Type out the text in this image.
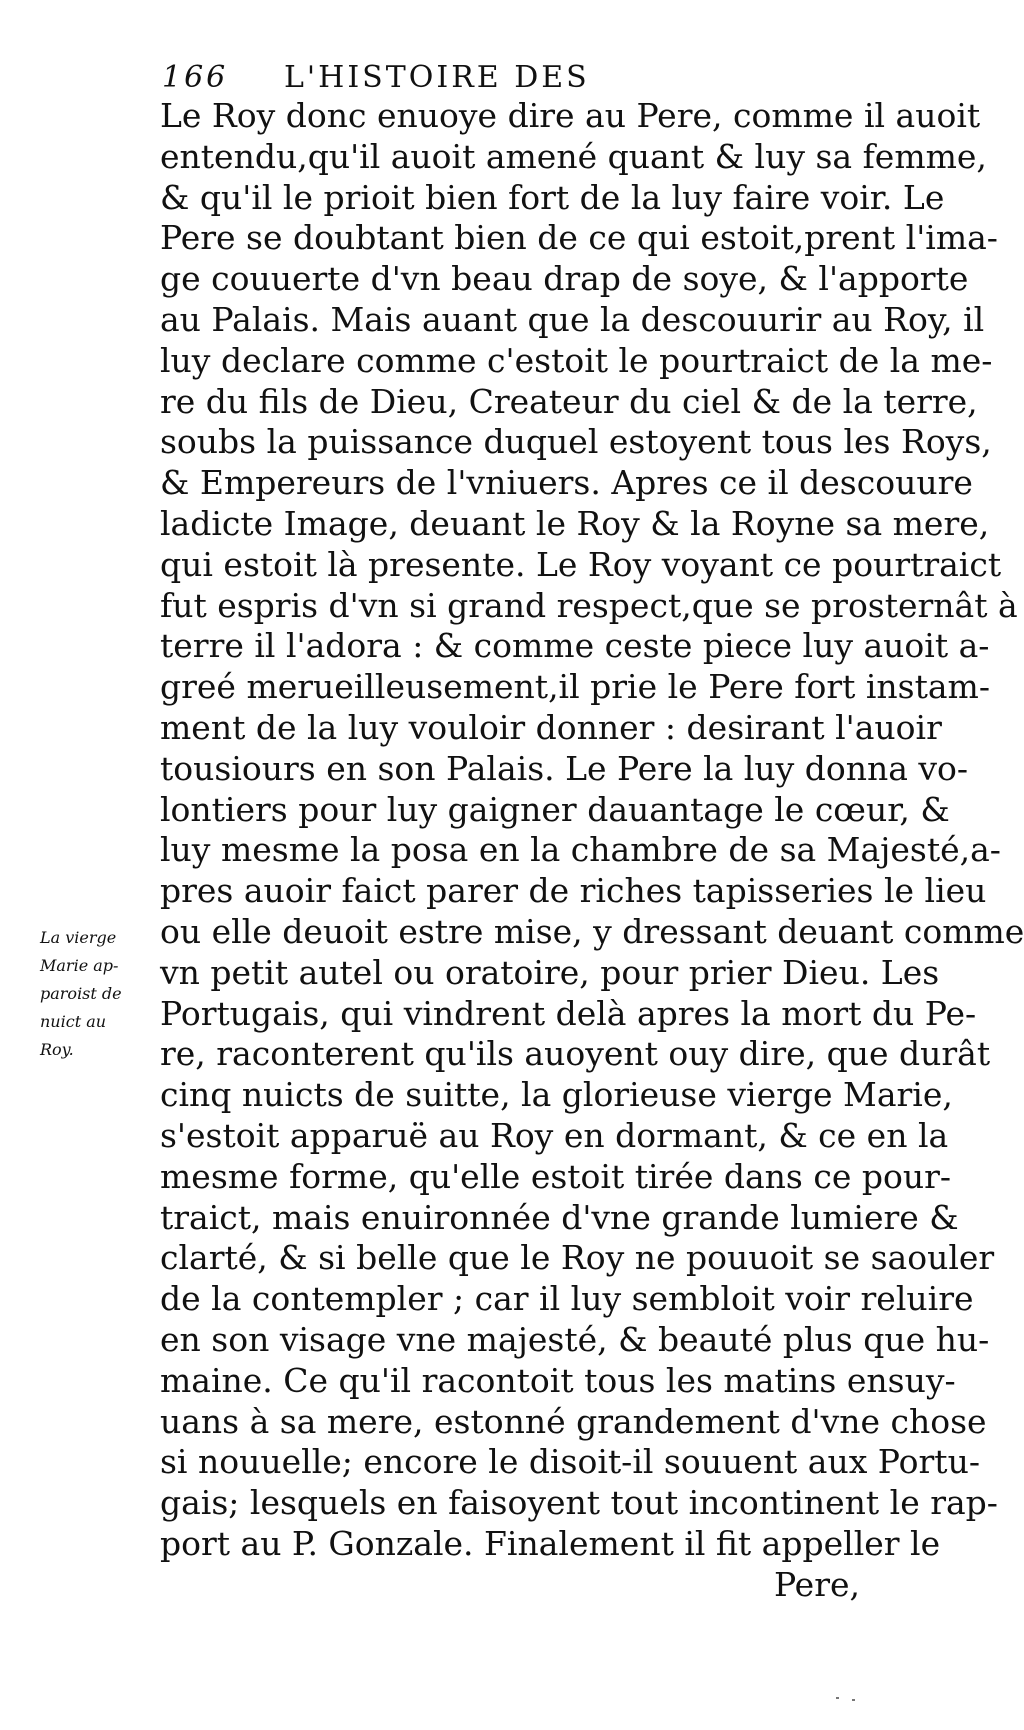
166 L'HISTOIRE DES
Le Roy donc enuoye dire au Pere, comme il auoit
entendu,qu'il auoit amené quant & luy sa femme,
& qu'il le prioit bien fort de la luy faire voir. Le
Pere se doubtant bien de ce qui estoit,prent l'ima-
ge couuerte d'vn beau drap de soye, & l'apporte
au Palais. Mais auant que la descouurir au Roy, il
luy declare comme c'estoit le pourtraict de la me-
re du fils de Dieu, Createur du ciel & de la terre,
soubs la puissance duquel estoyent tous les Roys,
& Empereurs de l'vniuers. Apres ce il descouure
ladicte Image, deuant le Roy & la Royne sa mere,
qui estoit là presente. Le Roy voyant ce pourtraict
fut espris d'vn si grand respect,que se prosternât à
terre il l'adora : & comme ceste piece luy auoit a-
greé merueilleusement,il prie le Pere fort instam-
ment de la luy vouloir donner : desirant l'auoir
tousiours en son Palais. Le Pere la luy donna vo-
lontiers pour luy gaigner dauantage le cœur, &
luy mesme la posa en la chambre de sa Majesté,a-
pres auoir faict parer de riches tapisseries le lieu
ou elle deuoit estre mise, y dressant deuant comme
vn petit autel ou oratoire, pour prier Dieu. Les
Portugais, qui vindrent delà apres la mort du Pe-
re, raconterent qu'ils auoyent ouy dire, que durât
cinq nuicts de suitte, la glorieuse vierge Marie,
s'estoit apparuë au Roy en dormant, & ce en la
mesme forme, qu'elle estoit tirée dans ce pour-
traict, mais enuironnée d'vne grande lumiere &
clarté, & si belle que le Roy ne pouuoit se saouler
de la contempler ; car il luy sembloit voir reluire
en son visage vne majesté, & beauté plus que hu-
maine. Ce qu'il racontoit tous les matins ensuy-
uans à sa mere, estonné grandement d'vne chose
si nouuelle; encore le disoit-il souuent aux Portu-
gais; lesquels en faisoyent tout incontinent le rap-
port au P. Gonzale. Finalement il fit appeller le
Pere,
La vierge
Marie ap-
paroist de
nuict au
Roy.
